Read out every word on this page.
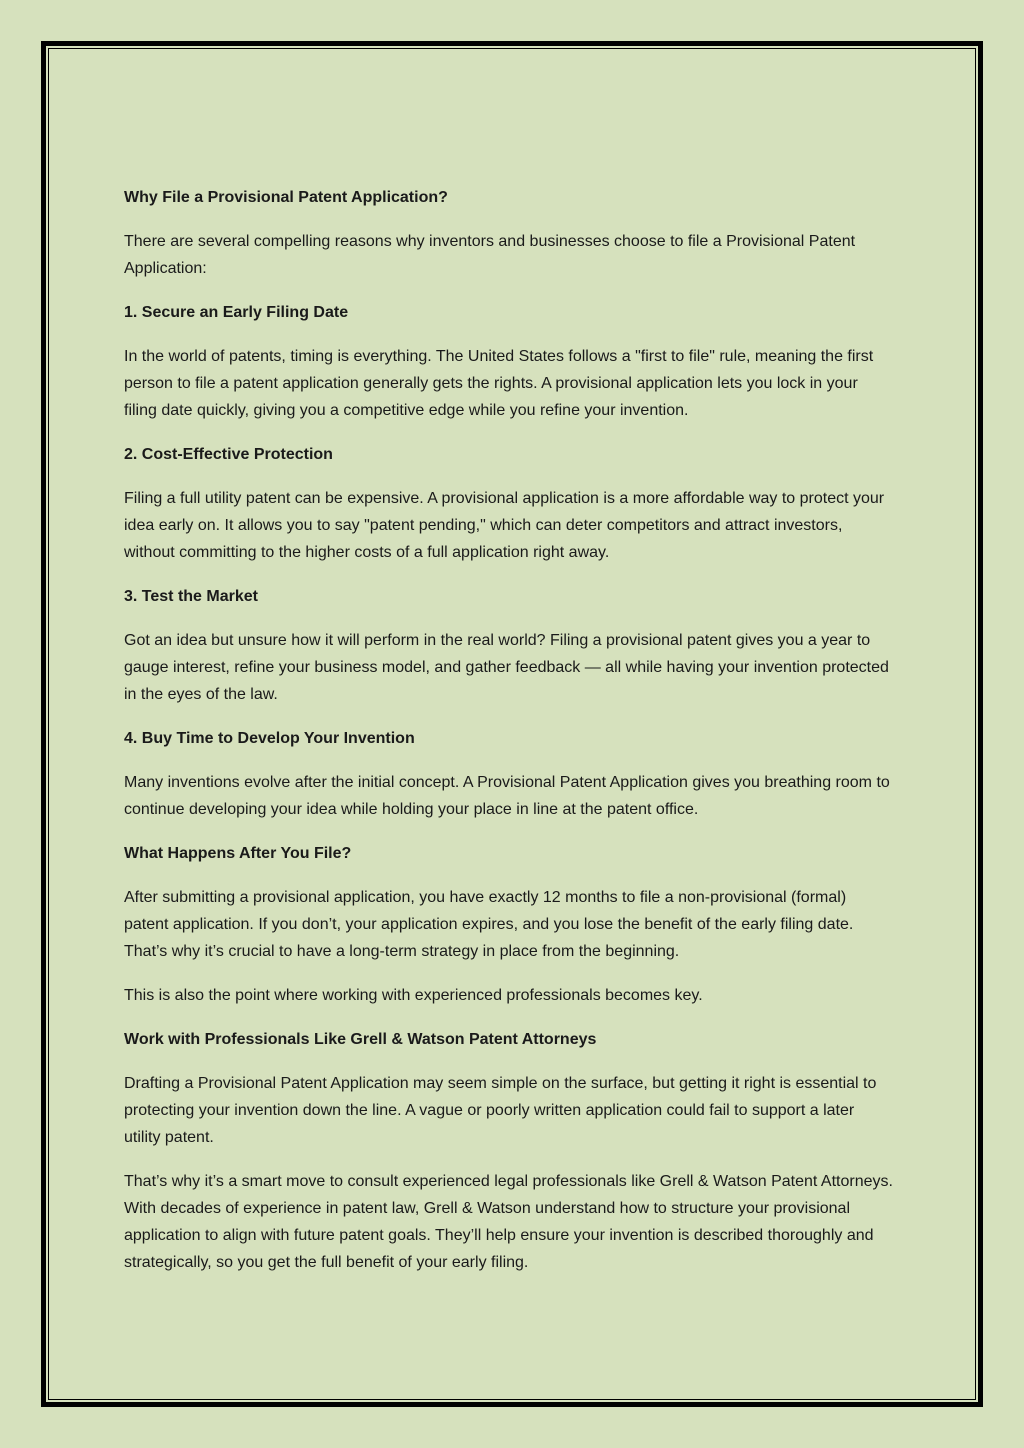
Why File a Provisional Patent Application?
There are several compelling reasons why inventors and businesses choose to file a Provisional Patent Application:
1. Secure an Early Filing Date
In the world of patents, timing is everything. The United States follows a "first to file" rule, meaning the first person to file a patent application generally gets the rights. A provisional application lets you lock in your filing date quickly, giving you a competitive edge while you refine your invention.
2. Cost-Effective Protection
Filing a full utility patent can be expensive. A provisional application is a more affordable way to protect your idea early on. It allows you to say "patent pending," which can deter competitors and attract investors, without committing to the higher costs of a full application right away.
3. Test the Market
Got an idea but unsure how it will perform in the real world? Filing a provisional patent gives you a year to gauge interest, refine your business model, and gather feedback — all while having your invention protected in the eyes of the law.
4. Buy Time to Develop Your Invention
Many inventions evolve after the initial concept. A Provisional Patent Application gives you breathing room to continue developing your idea while holding your place in line at the patent office.
What Happens After You File?
After submitting a provisional application, you have exactly 12 months to file a non-provisional (formal) patent application. If you don’t, your application expires, and you lose the benefit of the early filing date. That’s why it’s crucial to have a long-term strategy in place from the beginning.
This is also the point where working with experienced professionals becomes key.
Work with Professionals Like Grell & Watson Patent Attorneys
Drafting a Provisional Patent Application may seem simple on the surface, but getting it right is essential to protecting your invention down the line. A vague or poorly written application could fail to support a later utility patent.
That’s why it’s a smart move to consult experienced legal professionals like Grell & Watson Patent Attorneys. With decades of experience in patent law, Grell & Watson understand how to structure your provisional application to align with future patent goals. They’ll help ensure your invention is described thoroughly and strategically, so you get the full benefit of your early filing.
